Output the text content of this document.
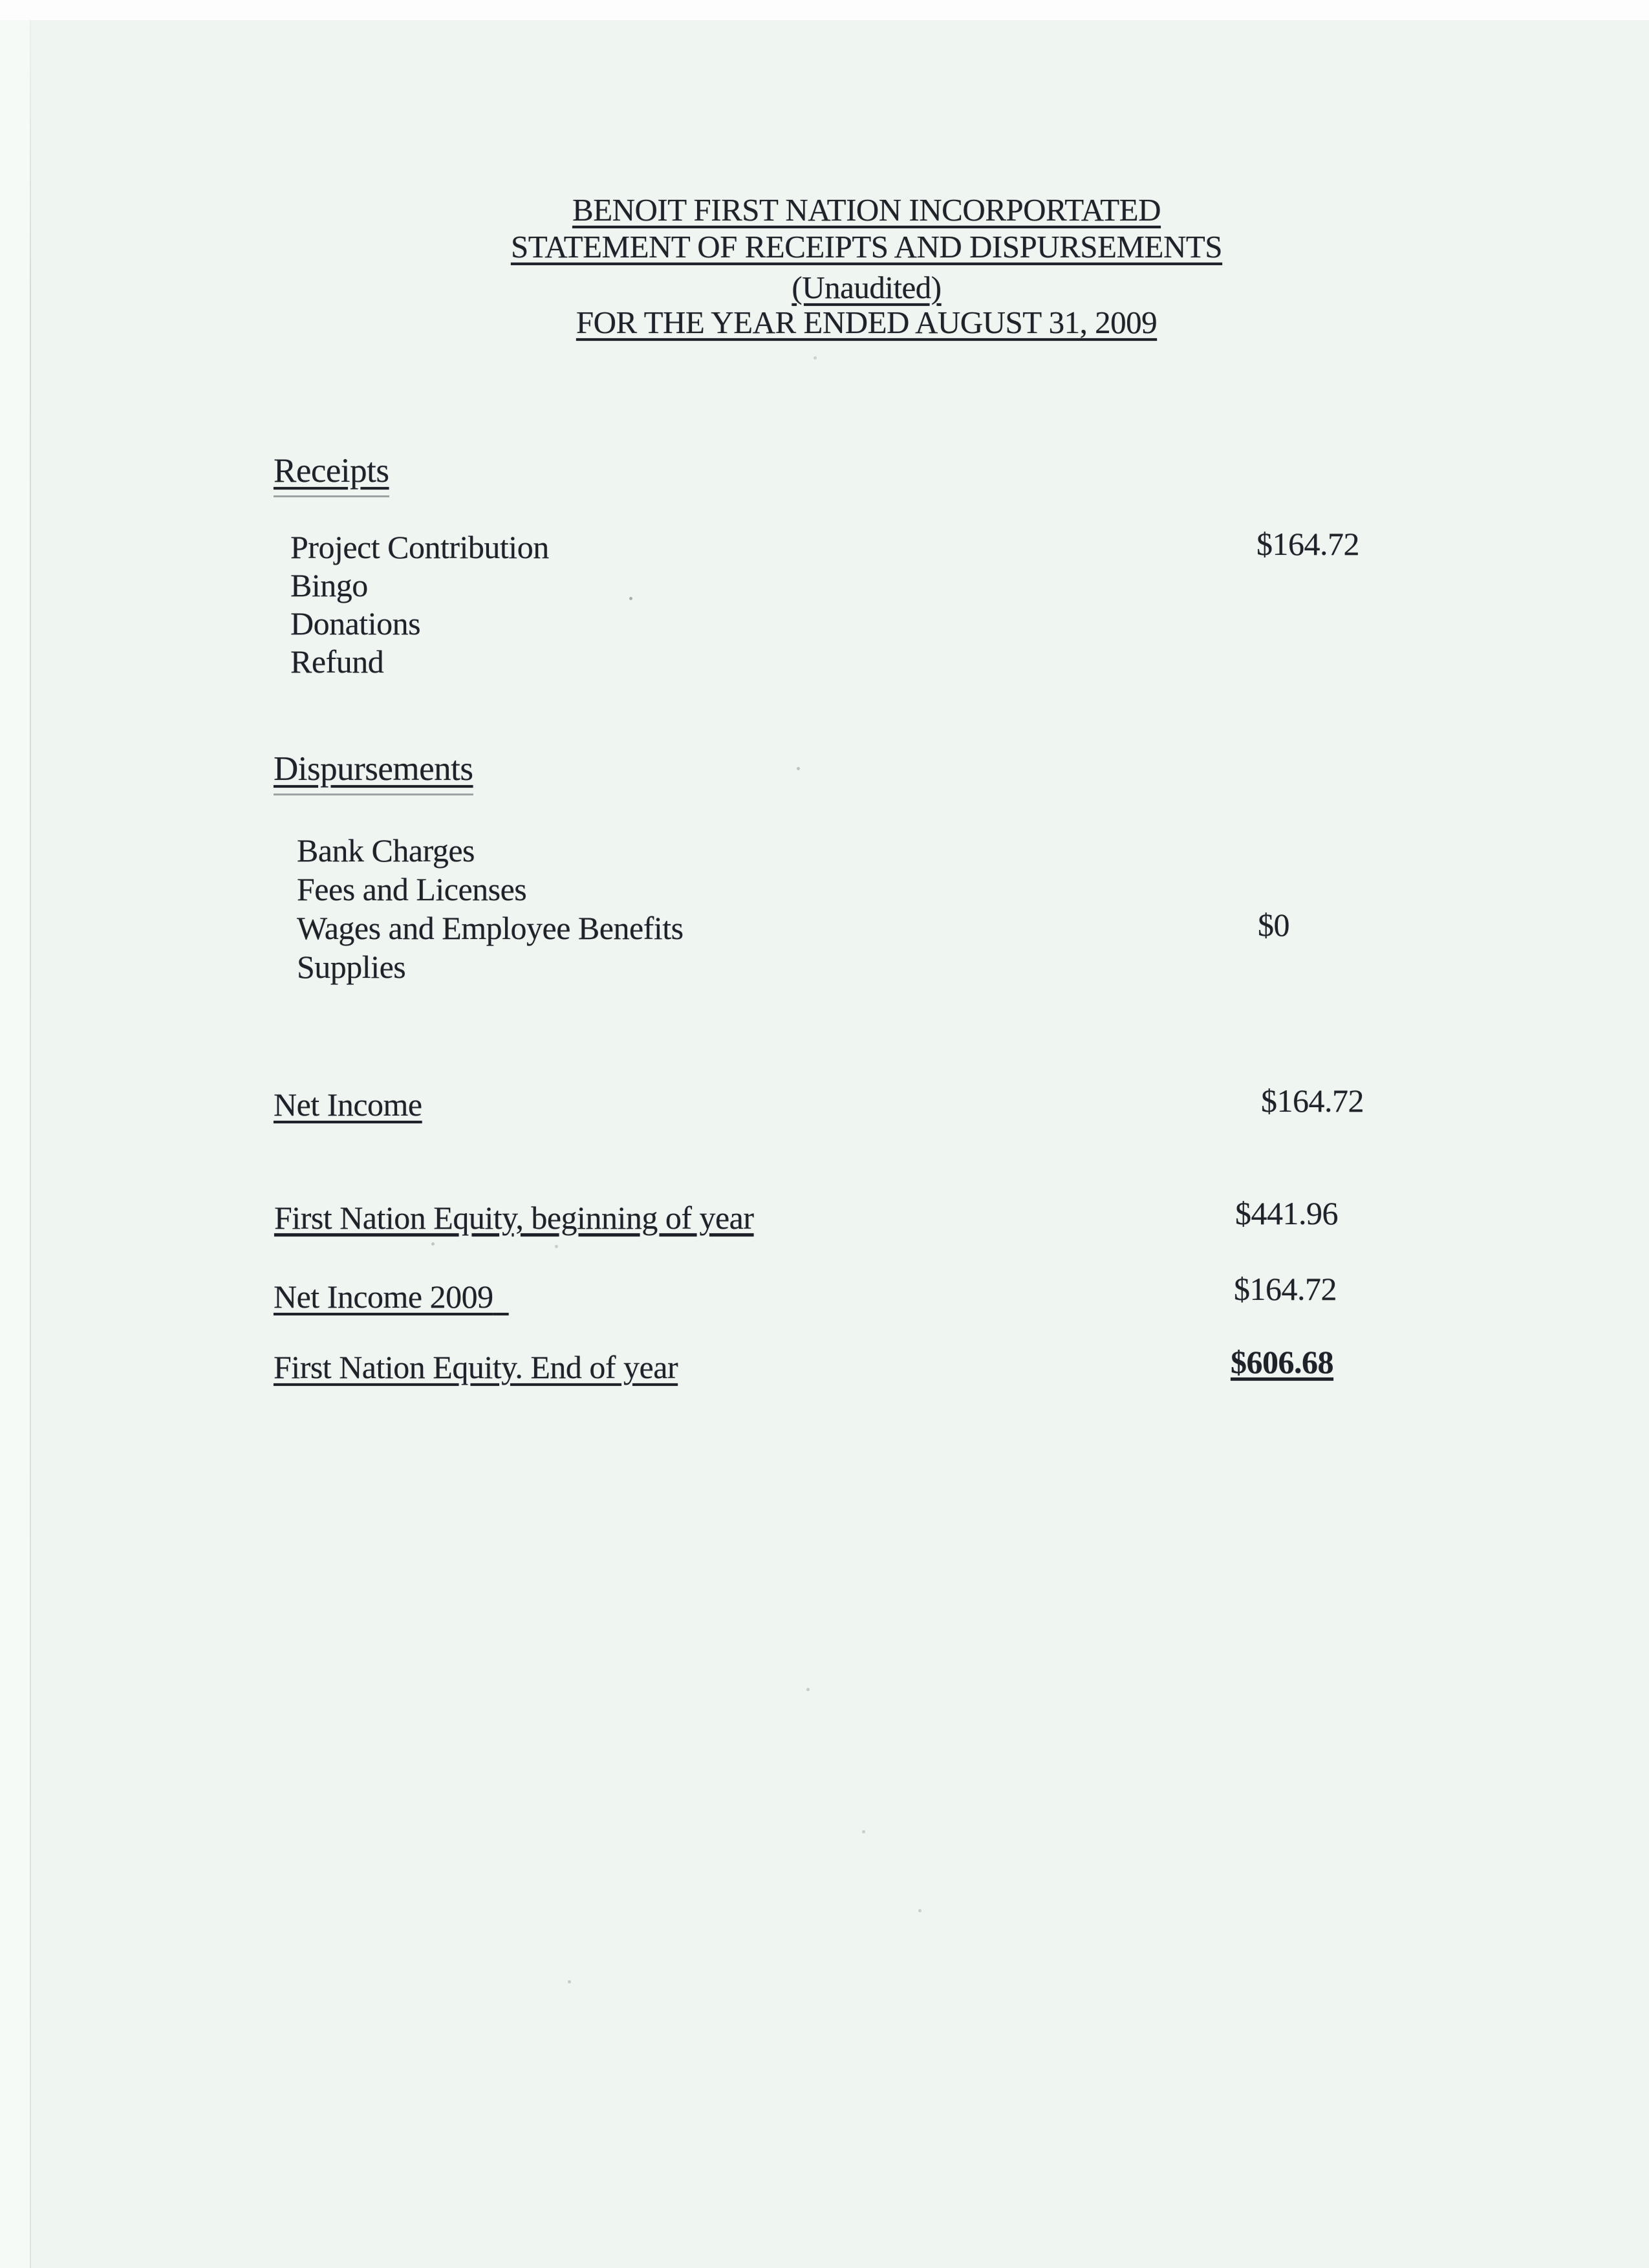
BENOIT FIRST NATION INCORPORTATED
STATEMENT OF RECEIPTS AND DISPURSEMENTS
(Unaudited)
FOR THE YEAR ENDED AUGUST 31, 2009
Receipts
Project Contribution	$164.72
Bingo
Donations
Refund
Dispursements
Bank Charges
Fees and Licenses
Wages and Employee Benefits	$0
Supplies
Net Income	$164.72
First Nation Equity, beginning of year	$441.96
Net Income 2009	$164.72
First Nation Equity. End of year	$606.68
